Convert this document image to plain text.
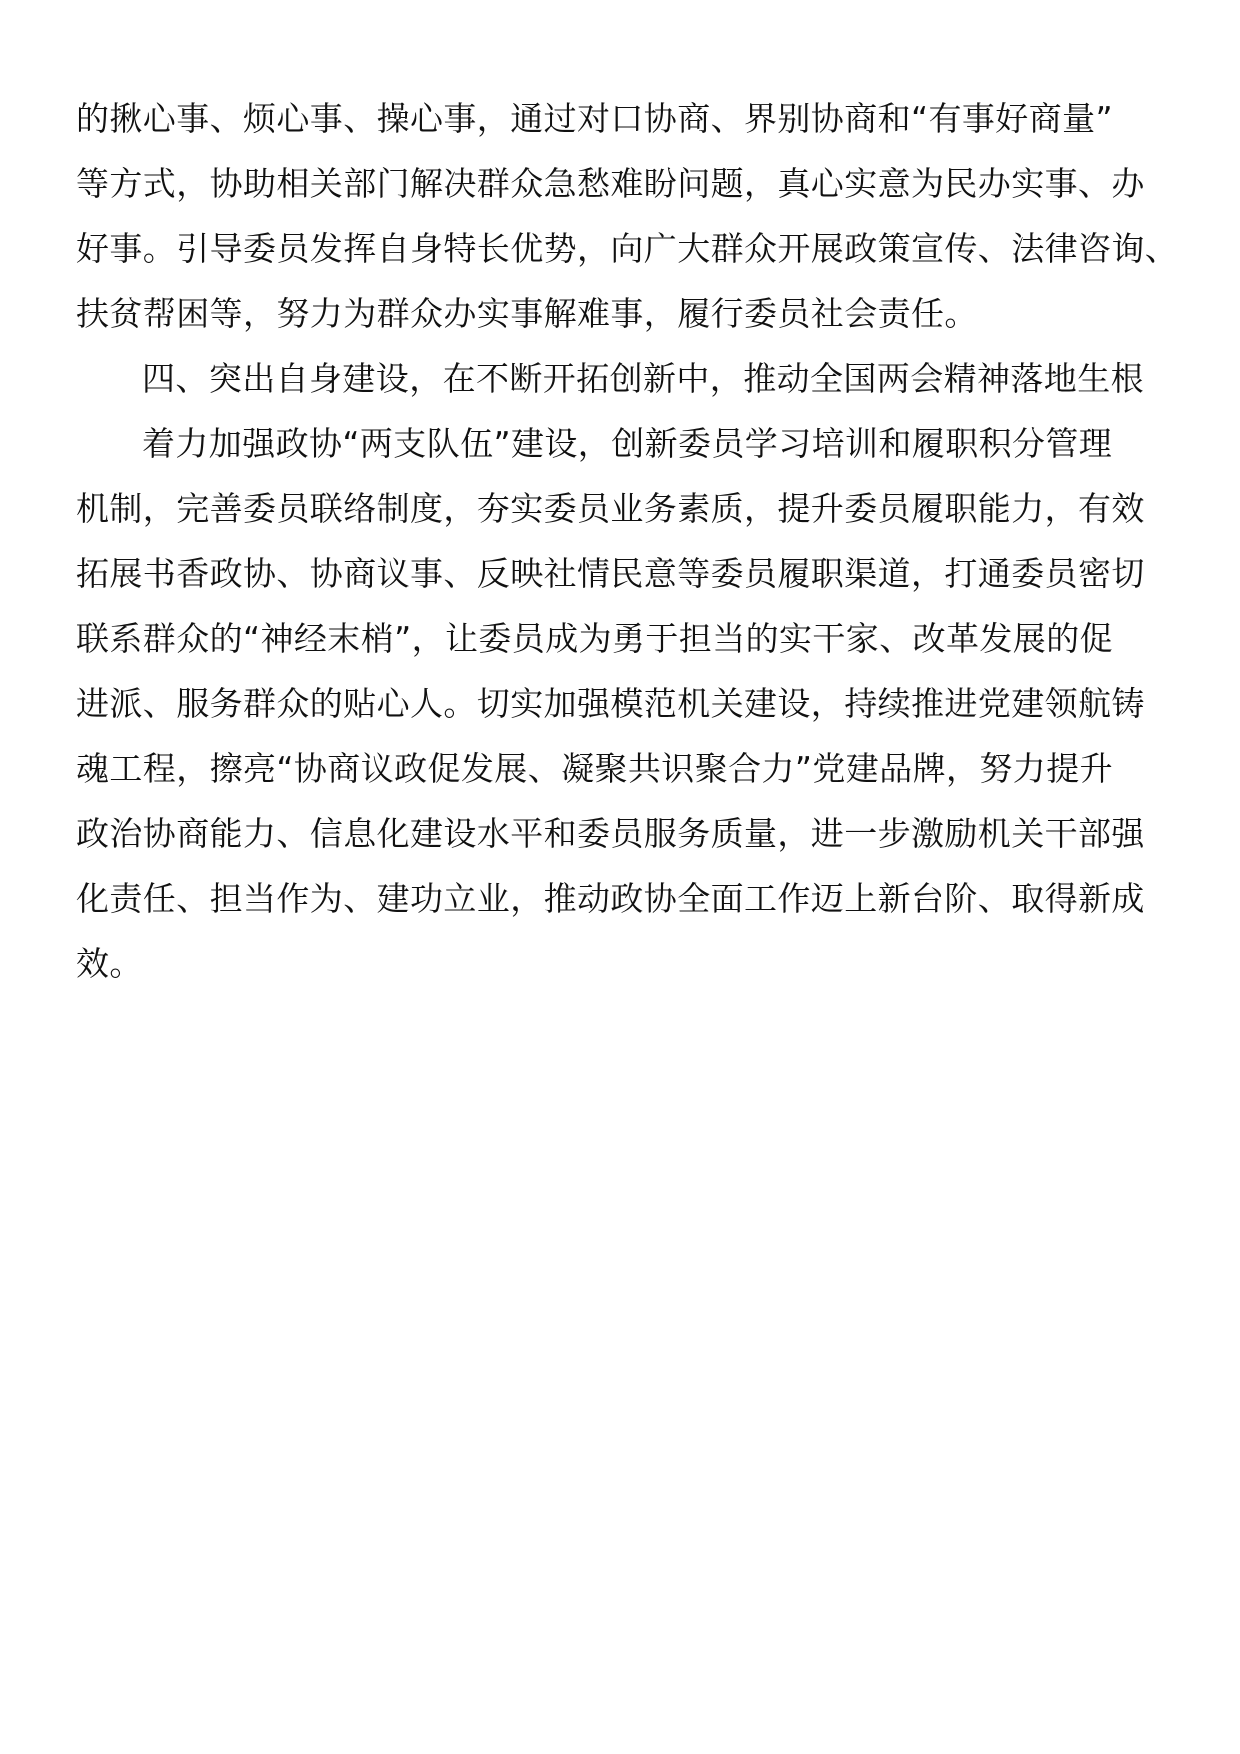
的揪心事、烦心事、操心事，通过对口协商、界别协商和“有事好商量”
等方式，协助相关部门解决群众急愁难盼问题，真心实意为民办实事、办
好事。引导委员发挥自身特长优势，向广大群众开展政策宣传、法律咨询、
扶贫帮困等，努力为群众办实事解难事，履行委员社会责任。
四、突出自身建设，在不断开拓创新中，推动全国两会精神落地生根
着力加强政协“两支队伍”建设，创新委员学习培训和履职积分管理
机制，完善委员联络制度，夯实委员业务素质，提升委员履职能力，有效
拓展书香政协、协商议事、反映社情民意等委员履职渠道，打通委员密切
联系群众的“神经末梢”，让委员成为勇于担当的实干家、改革发展的促
进派、服务群众的贴心人。切实加强模范机关建设，持续推进党建领航铸
魂工程，擦亮“协商议政促发展、凝聚共识聚合力”党建品牌，努力提升
政治协商能力、信息化建设水平和委员服务质量，进一步激励机关干部强
化责任、担当作为、建功立业，推动政协全面工作迈上新台阶、取得新成
效。
